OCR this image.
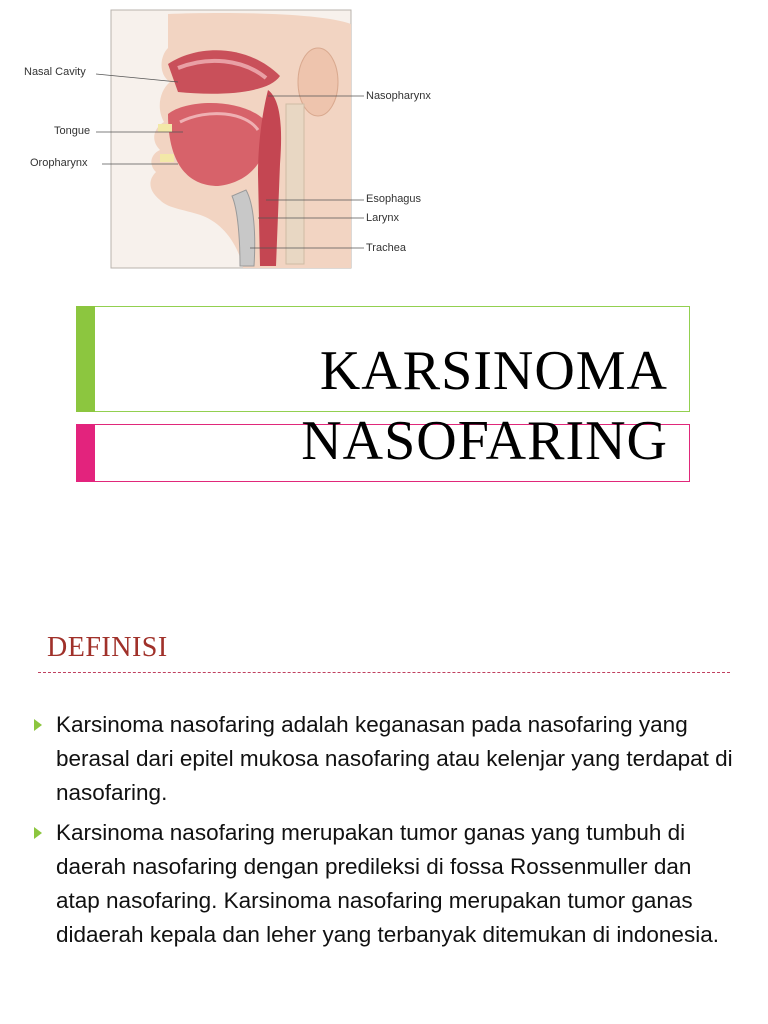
Nasal Cavity
Tongue
Oropharynx
Nasopharynx
Esophagus
Larynx
Trachea
KARSINOMA
NASOFARING
DEFINISI
Karsinoma nasofaring adalah keganasan pada nasofaring yang berasal dari epitel mukosa nasofaring atau kelenjar yang terdapat di nasofaring.
Karsinoma nasofaring merupakan tumor ganas yang tumbuh di daerah nasofaring dengan predileksi di fossa Rossenmuller dan atap nasofaring. Karsinoma nasofaring merupakan tumor ganas didaerah kepala dan leher yang terbanyak ditemukan di indonesia.
